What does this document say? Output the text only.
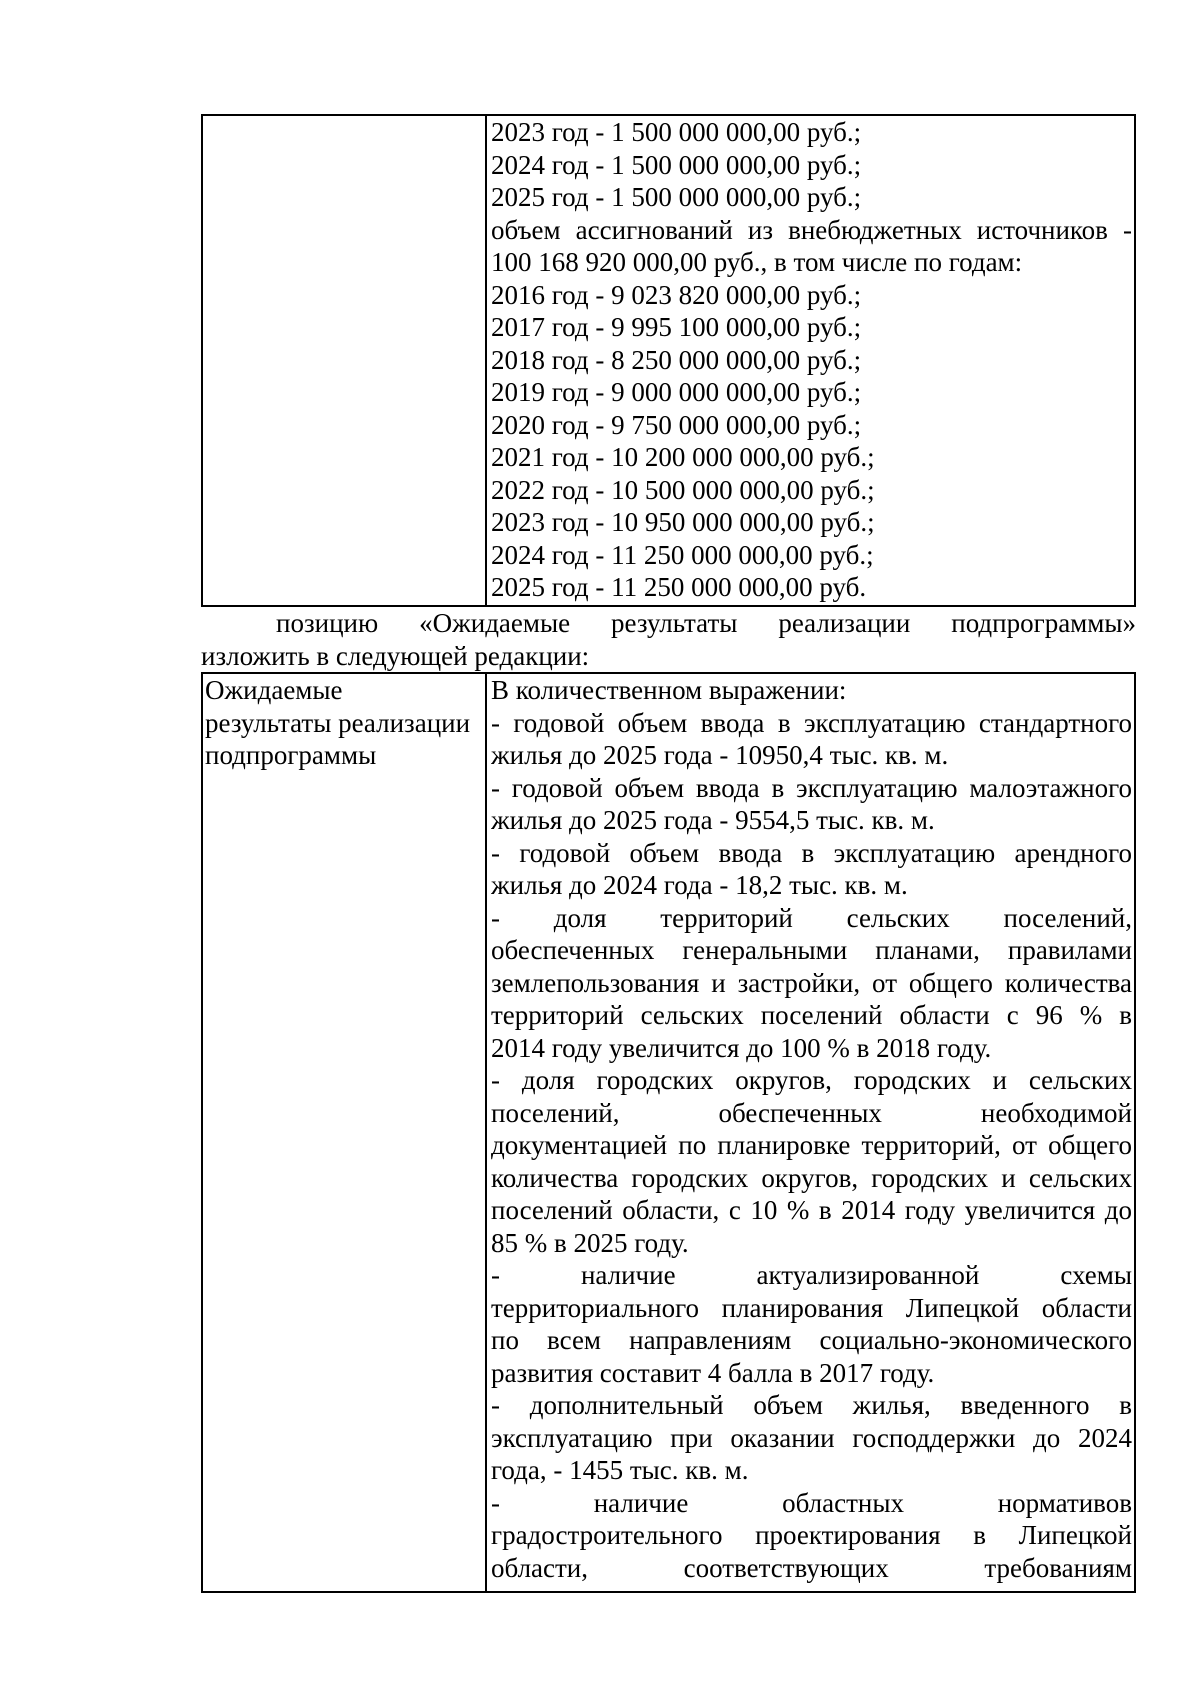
2023 год - 1 500 000 000,00 руб.;
2024 год - 1 500 000 000,00 руб.;
2025 год - 1 500 000 000,00 руб.;
объем ассигнований из внебюджетных источников -
100 168 920 000,00 руб., в том числе по годам:
2016 год - 9 023 820 000,00 руб.;
2017 год - 9 995 100 000,00 руб.;
2018 год - 8 250 000 000,00 руб.;
2019 год - 9 000 000 000,00 руб.;
2020 год - 9 750 000 000,00 руб.;
2021 год - 10 200 000 000,00 руб.;
2022 год - 10 500 000 000,00 руб.;
2023 год - 10 950 000 000,00 руб.;
2024 год - 11 250 000 000,00 руб.;
2025 год - 11 250 000 000,00 руб.
позицию «Ожидаемые результаты реализации подпрограммы»
изложить в следующей редакции:
Ожидаемые
результаты реализации
подпрограммы
В количественном выражении:
- годовой объем ввода в эксплуатацию стандартного
жилья до 2025 года - 10950,4 тыс. кв. м.
- годовой объем ввода в эксплуатацию малоэтажного
жилья до 2025 года - 9554,5 тыс. кв. м.
- годовой объем ввода в эксплуатацию арендного
жилья до 2024 года - 18,2 тыс. кв. м.
- доля территорий сельских поселений,
обеспеченных генеральными планами, правилами
землепользования и застройки, от общего количества
территорий сельских поселений области с 96 % в
2014 году увеличится до 100 % в 2018 году.
- доля городских округов, городских и сельских
поселений, обеспеченных необходимой
документацией по планировке территорий, от общего
количества городских округов, городских и сельских
поселений области, с 10 % в 2014 году увеличится до
85 % в 2025 году.
- наличие актуализированной схемы
территориального планирования Липецкой области
по всем направлениям социально-экономического
развития составит 4 балла в 2017 году.
- дополнительный объем жилья, введенного в
эксплуатацию при оказании господдержки до 2024
года, - 1455 тыс. кв. м.
- наличие областных нормативов
градостроительного проектирования в Липецкой
области, соответствующих требованиям
